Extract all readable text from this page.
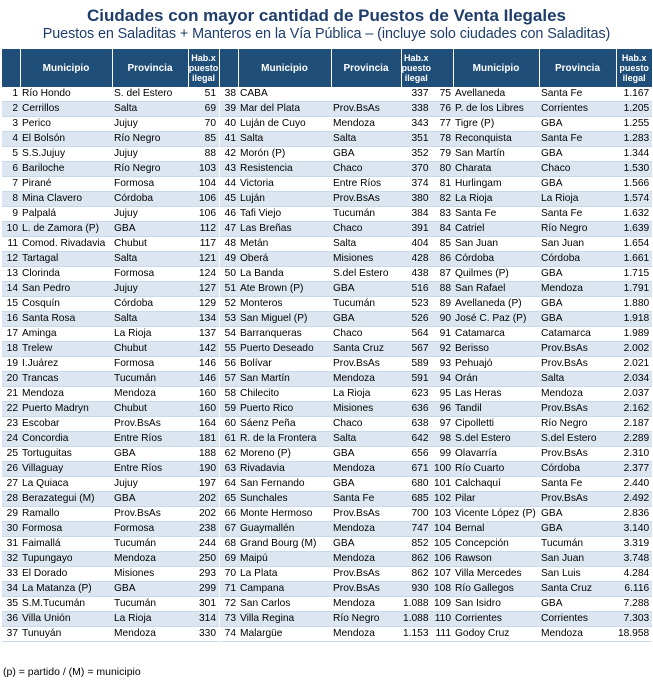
Ciudades con mayor cantidad de Puestos de Venta Ilegales
Puestos en Saladitas + Manteros en la Vía Pública – (incluye solo ciudades con Saladitas)
	Municipio	Provincia	Hab.x puesto ilegal
1	Río Hondo	S. del Estero	51
2	Cerrillos	Salta	69
3	Perico	Jujuy	70
4	El Bolsón	Río Negro	85
5	S.S.Jujuy	Jujuy	88
6	Bariloche	Río Negro	103
7	Pirané	Formosa	104
8	Mina Clavero	Córdoba	106
9	Palpalá	Jujuy	106
10	L. de Zamora (P)	GBA	112
11	Comod. Rivadavia	Chubut	117
12	Tartagal	Salta	121
13	Clorinda	Formosa	124
14	San Pedro	Jujuy	127
15	Cosquín	Córdoba	129
16	Santa Rosa	Salta	134
17	Aminga	La Rioja	137
18	Trelew	Chubut	142
19	I.Juárez	Formosa	146
20	Trancas	Tucumán	146
21	Mendoza	Mendoza	160
22	Puerto Madryn	Chubut	160
23	Escobar	Prov.BsAs	164
24	Concordia	Entre Ríos	181
25	Tortuguitas	GBA	188
26	Villaguay	Entre Ríos	190
27	La Quiaca	Jujuy	197
28	Berazategui (M)	GBA	202
29	Ramallo	Prov.BsAs	202
30	Formosa	Formosa	238
31	Faimallá	Tucumán	244
32	Tupungayo	Mendoza	250
33	El Dorado	Misiones	293
34	La Matanza (P)	GBA	299
35	S.M.Tucumán	Tucumán	301
36	Villa Unión	La Rioja	314
37	Tunuyán	Mendoza	330
	Municipio	Provincia	Hab.x puesto ilegal
38	CABA		337
39	Mar del Plata	Prov.BsAs	338
40	Luján de Cuyo	Mendoza	343
41	Salta	Salta	351
42	Morón (P)	GBA	352
43	Resistencia	Chaco	370
44	Victoria	Entre Ríos	374
45	Luján	Prov.BsAs	380
46	Tafi Viejo	Tucumán	384
47	Las Breñas	Chaco	391
48	Metán	Salta	404
49	Oberá	Misiones	428
50	La Banda	S.del Estero	438
51	Ate Brown (P)	GBA	516
52	Monteros	Tucumán	523
53	San Miguel (P)	GBA	526
54	Barranqueras	Chaco	564
55	Puerto Deseado	Santa Cruz	567
56	Bolívar	Prov.BsAs	589
57	San Martín	Mendoza	591
58	Chilecito	La Rioja	623
59	Puerto Rico	Misiones	636
60	Sáenz Peña	Chaco	638
61	R. de la Frontera	Salta	642
62	Moreno (P)	GBA	656
63	Rivadavia	Mendoza	671
64	San Fernando	GBA	680
65	Sunchales	Santa Fe	685
66	Monte Hermoso	Prov.BsAs	700
67	Guaymallén	Mendoza	747
68	Grand Bourg (M)	GBA	852
69	Maipú	Mendoza	862
70	La Plata	Prov.BsAs	862
71	Campana	Prov.BsAs	930
72	San Carlos	Mendoza	1.088
73	Villa Regina	Río Negro	1.088
74	Malargüe	Mendoza	1.153
	Municipio	Provincia	Hab.x puesto ilegal
75	Avellaneda	Santa Fe	1.167
76	P. de los Libres	Corrientes	1.205
77	Tigre (P)	GBA	1.255
78	Reconquista	Santa Fe	1.283
79	San Martín	GBA	1.344
80	Charata	Chaco	1.530
81	Hurlingam	GBA	1.566
82	La Rioja	La Rioja	1.574
83	Santa Fe	Santa Fe	1.632
84	Catriel	Río Negro	1.639
85	San Juan	San Juan	1.654
86	Córdoba	Córdoba	1.661
87	Quilmes (P)	GBA	1.715
88	San Rafael	Mendoza	1.791
89	Avellaneda (P)	GBA	1.880
90	José C. Paz (P)	GBA	1.918
91	Catamarca	Catamarca	1.989
92	Berisso	Prov.BsAs	2.002
93	Pehuajó	Prov.BsAs	2.021
94	Orán	Salta	2.034
95	Las Heras	Mendoza	2.037
96	Tandil	Prov.BsAs	2.162
97	Cipolletti	Río Negro	2.187
98	S.del Estero	S.del Estero	2.289
99	Olavarría	Prov.BsAs	2.310
100	Río Cuarto	Córdoba	2.377
101	Calchaquí	Santa Fe	2.440
102	Pilar	Prov.BsAs	2.492
103	Vicente López (P)	GBA	2.836
104	Bernal	GBA	3.140
105	Concepción	Tucumán	3.319
106	Rawson	San Juan	3.748
107	Villa Mercedes	San Luis	4.284
108	Río Gallegos	Santa Cruz	6.116
109	San Isidro	GBA	7.288
110	Corrientes	Corrientes	7.303
111	Godoy Cruz	Mendoza	18.958
(p) = partido / (M) = municipio
